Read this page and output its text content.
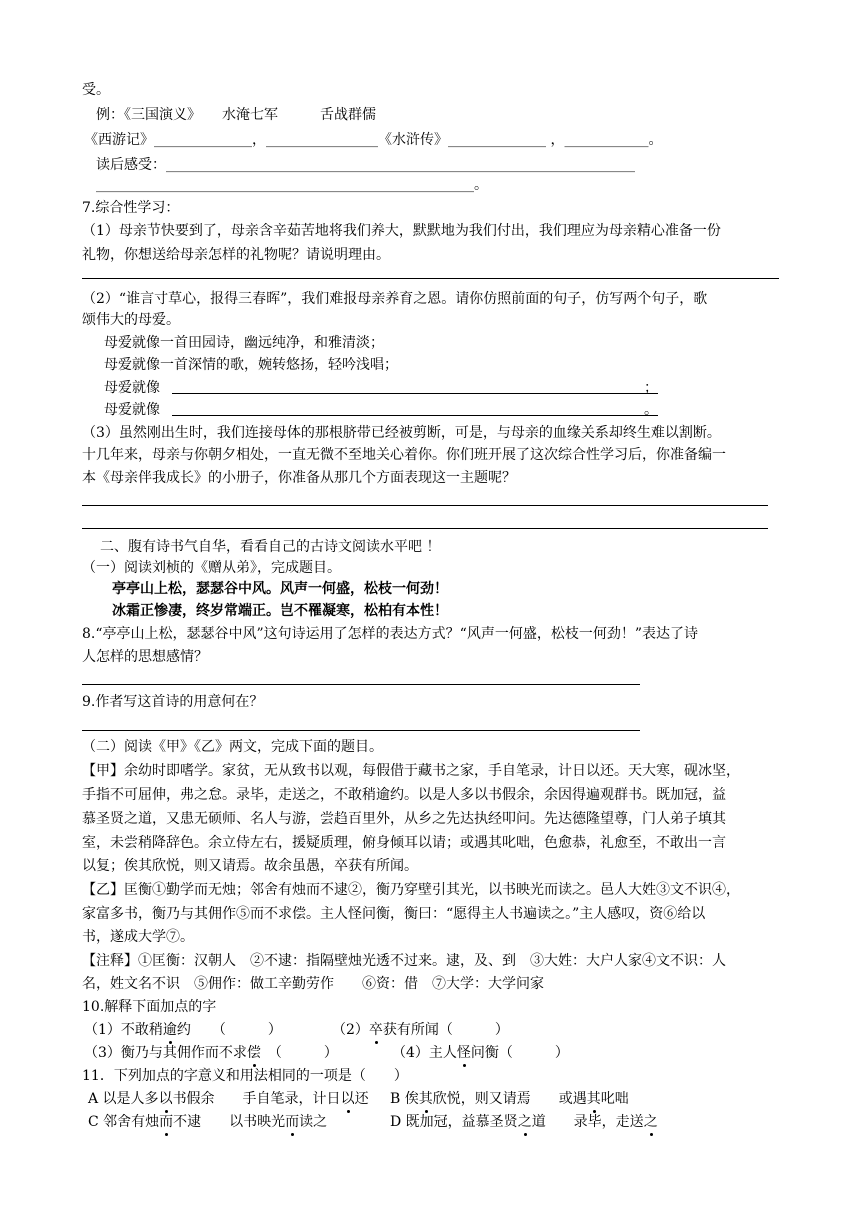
受。
例：《三国演义》　　水淹七军　　　舌战群儒
《西游记》______________，________________《水浒传》______________ ，____________。
读后感受：___________________________________________________________________
______________________________________________________。
7.综合性学习：
（1）母亲节快要到了，母亲含辛茹苦地将我们养大，默默地为我们付出，我们理应为母亲精心准备一份
礼物，你想送给母亲怎样的礼物呢？请说明理由。
（2）“谁言寸草心，报得三春晖”，我们难报母亲养育之恩。请你仿照前面的句子，仿写两个句子，歌
颂伟大的母爱。
母爱就像一首田园诗，幽远纯净，和雅清淡；
母爱就像一首深情的歌，婉转悠扬，轻吟浅唱；
母爱就像	；
母爱就像	。
（3）虽然刚出生时，我们连接母体的那根脐带已经被剪断，可是，与母亲的血缘关系却终生难以割断。
十几年来，母亲与你朝夕相处，一直无微不至地关心着你。你们班开展了这次综合性学习后，你准备编一
本《母亲伴我成长》的小册子，你准备从那几个方面表现这一主题呢？
二、腹有诗书气自华，看看自己的古诗文阅读水平吧 ！
（一）阅读刘桢的《赠从弟》，完成题目。
亭亭山上松，瑟瑟谷中风。风声一何盛，松枝一何劲！
冰霜正惨凄，终岁常端正。岂不罹凝寒，松柏有本性！
8.“亭亭山上松，瑟瑟谷中风”这句诗运用了怎样的表达方式？“风声一何盛，松枝一何劲！”表达了诗
人怎样的思想感情？
9.作者写这首诗的用意何在？
（二）阅读《甲》《乙》两文，完成下面的题目。
【甲】余幼时即嗜学。家贫，无从致书以观，每假借于藏书之家，手自笔录，计日以还。天大寒，砚冰坚，
手指不可屈伸，弗之怠。录毕，走送之，不敢稍逾约。以是人多以书假余，余因得遍观群书。既加冠，益
慕圣贤之道，又患无硕师、名人与游，尝趋百里外，从乡之先达执经叩问。先达德隆望尊，门人弟子填其
室，未尝稍降辞色。余立侍左右，援疑质理，俯身倾耳以请；或遇其叱咄，色愈恭，礼愈至，不敢出一言
以复；俟其欣悦，则又请焉。故余虽愚，卒获有所闻。
【乙】匡衡①勤学而无烛；邻舍有烛而不逮②，衡乃穿壁引其光，以书映光而读之。邑人大姓③文不识④，
家富多书，衡乃与其佣作⑤而不求偿。主人怪问衡，衡曰：“愿得主人书遍读之。”主人感叹，资⑥给以
书，遂成大学⑦。
【注释】①匡衡：汉朝人　②不逮：指隔壁烛光透不过来。逮，及、到　③大姓：大户人家④文不识：人
名，姓文名不识　⑤佣作：做工辛勤劳作　　⑥资：借　⑦大学：大学问家
10.解释下面加点的字
（1）不敢稍逾约　　（　　　）	（2）卒获有所闻（　　　）
（3）衡乃与其佣作而不求偿　（　　　）	（4）主人怪问衡（　　　）
11．下列加点的字意义和用法相同的一项是（　　）
A 以是人多以书假余　　手自笔录，计日以还 B 俟其欣悦，则又请焉　　或遇其叱咄
C 邻舍有烛而不逮　　以书映光而读之	D 既加冠，益慕圣贤之道　　录毕，走送之
